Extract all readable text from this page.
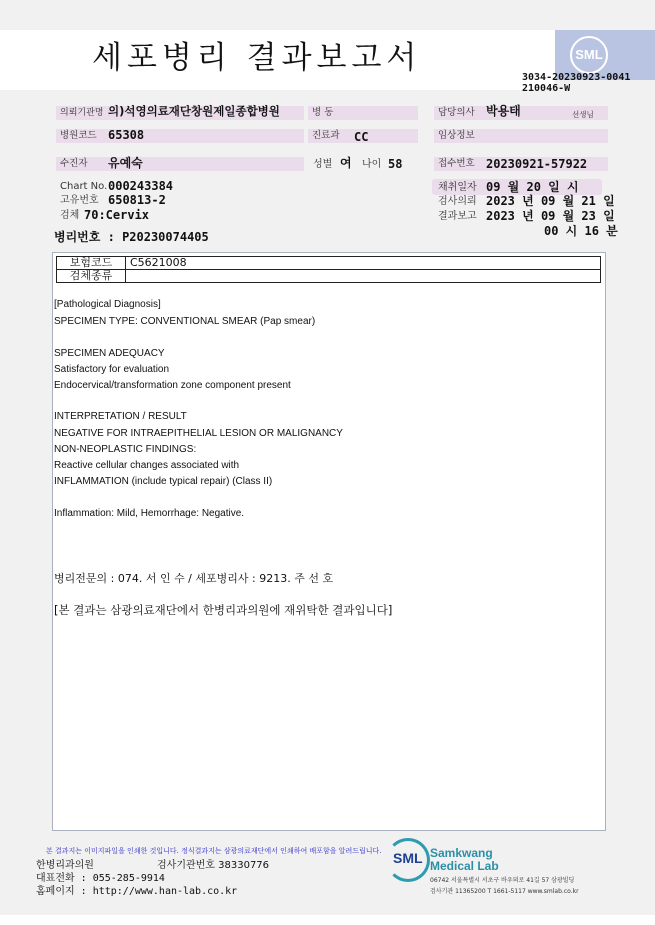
세포병리 결과보고서	SML
3034-20230923-0041
210046-W
의뢰기관명 의)석영의료재단창원제일종합병원	병 동	담당의사 박용태	선생님
병원코드 65308	진료과	CC	임상정보
수진자	유예숙	성별 여 나이 58	접수번호 20230921-57922
Chart No. 000243384
고유번호 650813-2
검체 70:Cervix
병리번호 : P20230074405
채취일자 09 월 20 일 시
검사의뢰 2023 년 09 월 21 일
결과보고 2023 년 09 월 23 일
00 시 16 분
보험코드	C5621008
검체종류	
[Pathological Diagnosis]
SPECIMEN TYPE: CONVENTIONAL SMEAR (Pap smear)
SPECIMEN ADEQUACY
Satisfactory for evaluation
Endocervical/transformation zone component present
INTERPRETATION / RESULT
NEGATIVE FOR INTRAEPITHELIAL LESION OR MALIGNANCY
NON-NEOPLASTIC FINDINGS:
Reactive cellular changes associated with
INFLAMMATION (include typical repair) (Class II)
Inflammation: Mild, Hemorrhage: Negative.
병리전문의 : 074. 서 인 수 / 세포병리사 : 9213. 주 선 호
[본 결과는 삼광의료재단에서 한병리과의원에 재위탁한 결과입니다]
본 결과지는 이미지파일을 인쇄한 것입니다. 정식결과지는 삼광의료재단에서 인쇄하여 배포함을 알려드립니다.
한병리과의원	검사기관번호 38330776
대표전화 : 055-285-9914
홈페이지 : http://www.han-lab.co.kr
SML Samkwang Medical Lab
06742 서울특별시 서초구 바우뫼로 41길 57 삼광빌딩
검사기관 11365200 T 1661-5117 www.smlab.co.kr
